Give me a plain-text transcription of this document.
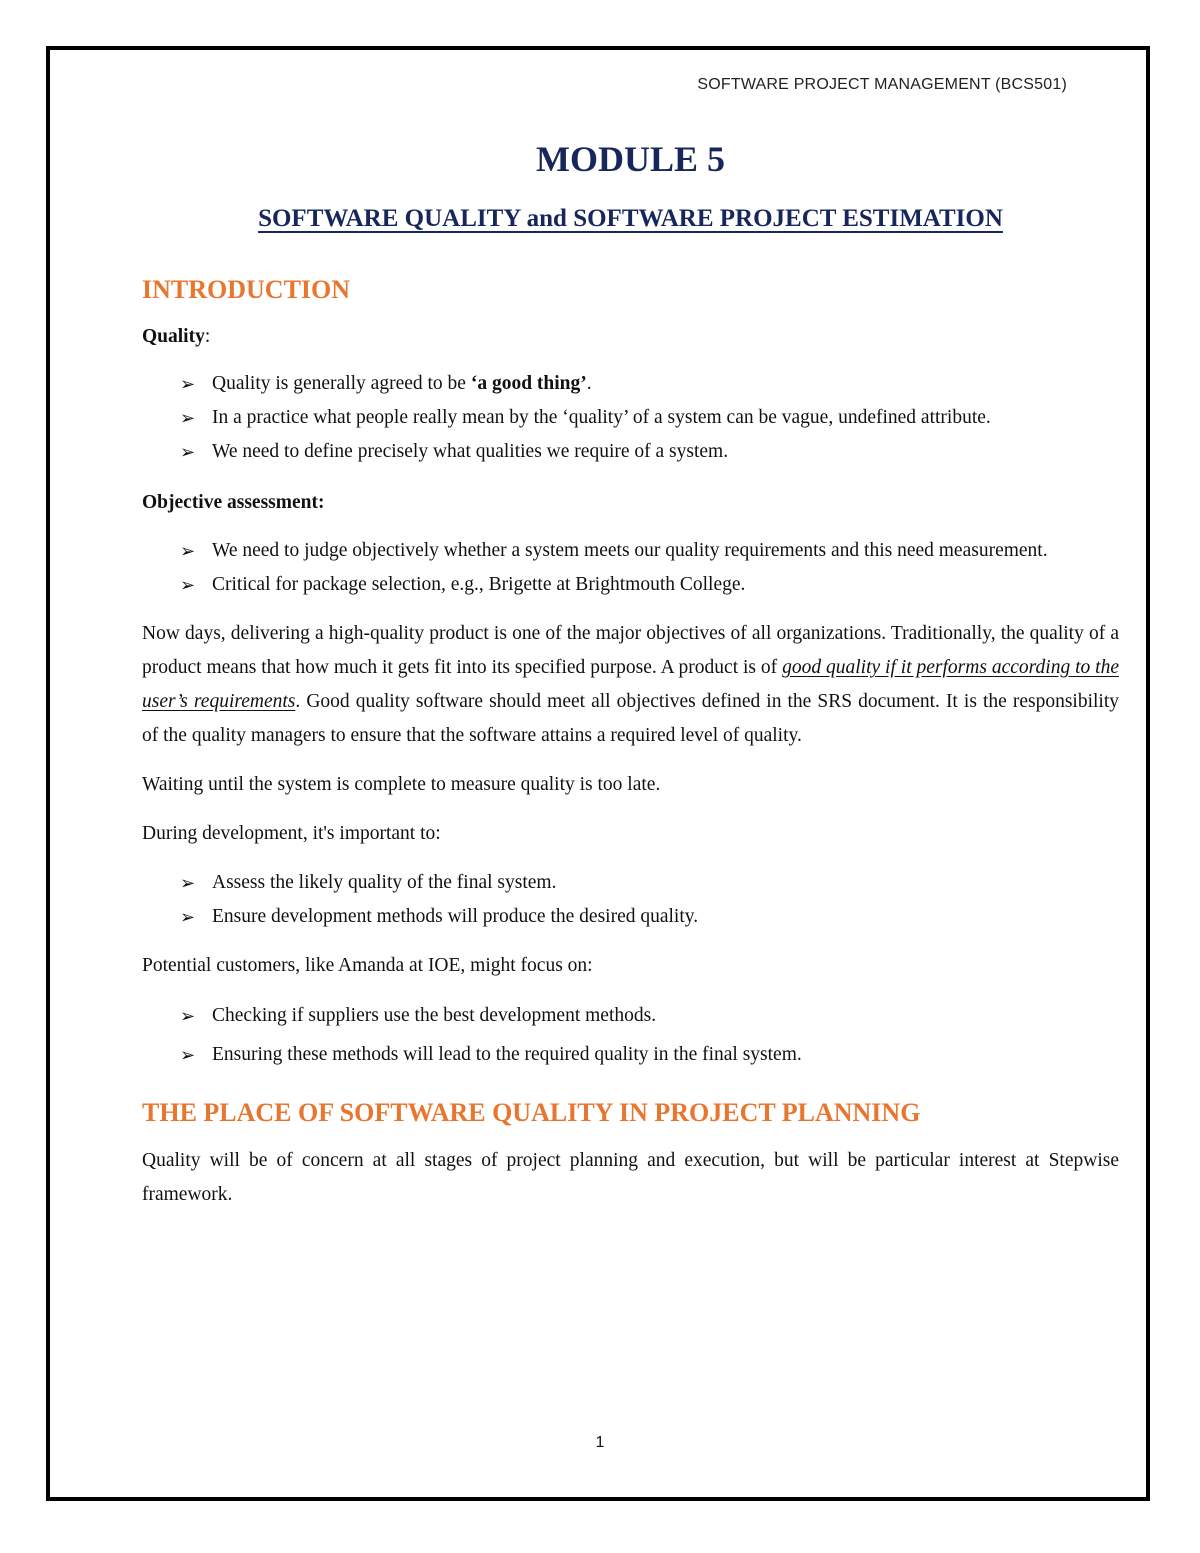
SOFTWARE PROJECT MANAGEMENT (BCS501)
MODULE 5
SOFTWARE QUALITY and SOFTWARE PROJECT ESTIMATION
INTRODUCTION
Quality:
➢ Quality is generally agreed to be ‘a good thing’.
➢ In a practice what people really mean by the ‘quality’ of a system can be vague, undefined attribute.
➢ We need to define precisely what qualities we require of a system.
Objective assessment:
➢ We need to judge objectively whether a system meets our quality requirements and this need measurement.
➢ Critical for package selection, e.g., Brigette at Brightmouth College.

Now days, delivering a high-quality product is one of the major objectives of all organizations. Traditionally, the quality of a product means that how much it gets fit into its specified purpose. A product is of good quality if it performs according to the user’s requirements. Good quality software should meet all objectives defined in the SRS document. It is the responsibility of the quality managers to ensure that the software attains a required level of quality.

Waiting until the system is complete to measure quality is too late.

During development, it's important to:

➢ Assess the likely quality of the final system.
➢ Ensure development methods will produce the desired quality.

Potential customers, like Amanda at IOE, might focus on:

➢ Checking if suppliers use the best development methods.
➢ Ensuring these methods will lead to the required quality in the final system.
THE PLACE OF SOFTWARE QUALITY IN PROJECT PLANNING

Quality will be of concern at all stages of project planning and execution, but will be particular interest at Stepwise framework.

1
